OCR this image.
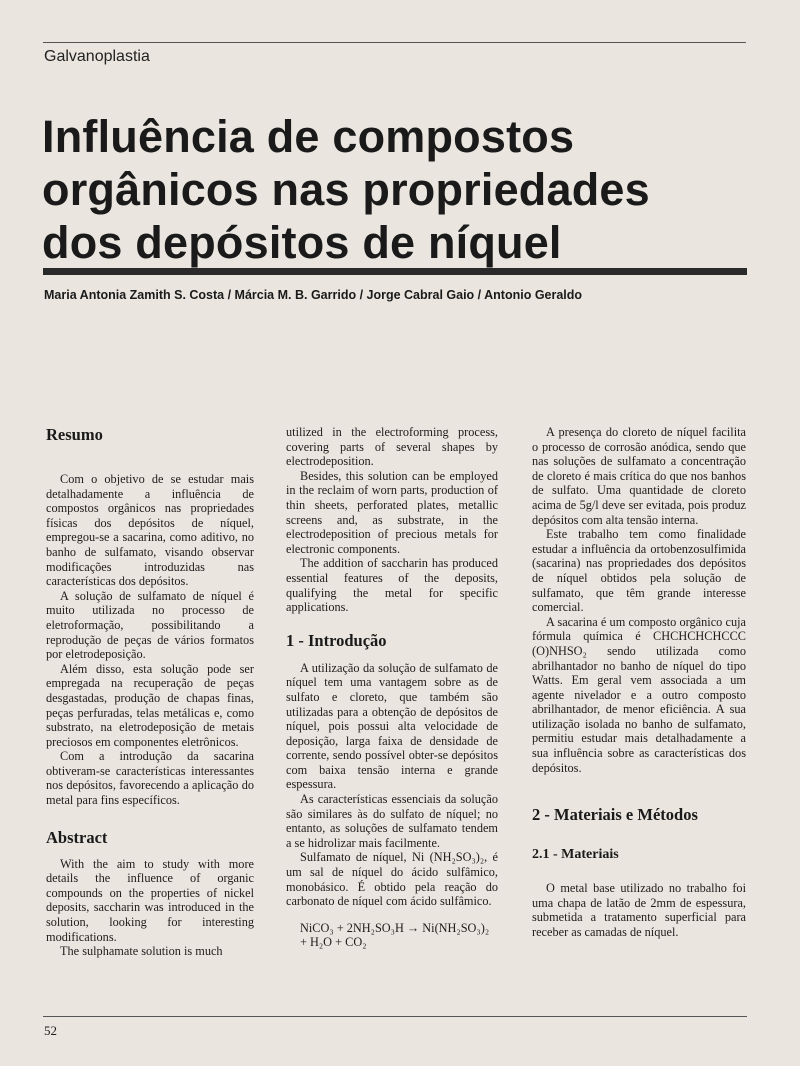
Galvanoplastia
Influência de compostos
orgânicos nas propriedades
dos depósitos de níquel
Maria Antonia Zamith S. Costa / Márcia M. B. Garrido / Jorge Cabral Gaio / Antonio Geraldo
Resumo

Com o objetivo de se estudar mais detalhadamente a influência de compostos orgânicos nas propriedades físicas dos depósitos de níquel, empregou-se a sacarina, como aditivo, no banho de sulfamato, visando observar modificações introduzidas nas características dos depósitos.

A solução de sulfamato de níquel é muito utilizada no processo de eletroformação, possibilitando a reprodução de peças de vários formatos por eletrodeposição.

Além disso, esta solução pode ser empregada na recuperação de peças desgastadas, produção de chapas finas, peças perfuradas, telas metálicas e, como substrato, na eletrodeposição de metais preciosos em componentes eletrônicos.

Com a introdução da sacarina obtiveram-se características interessantes nos depósitos, favorecendo a aplicação do metal para fins específicos.

Abstract

With the aim to study with more details the influence of organic compounds on the properties of nickel deposits, saccharin was introduced in the solution, looking for interesting modifications.

The sulphamate solution is much

utilized in the electroforming process, covering parts of several shapes by electrodeposition.

Besides, this solution can be employed in the reclaim of worn parts, production of thin sheets, perforated plates, metallic screens and, as substrate, in the electrodeposition of precious metals for electronic components.

The addition of saccharin has produced essential features of the deposits, qualifying the metal for specific applications.

1 - Introdução

A utilização da solução de sulfamato de níquel tem uma vantagem sobre as de sulfato e cloreto, que também são utilizadas para a obtenção de depósitos de níquel, pois possui alta velocidade de deposição, larga faixa de densidade de corrente, sendo possível obter-se depósitos com baixa tensão interna e grande espessura.

As características essenciais da solução são similares às do sulfato de níquel; no entanto, as soluções de sulfamato tendem a se hidrolizar mais facilmente.

Sulfamato de níquel, Ni (NH₂SO₃)₂, é um sal de níquel do ácido sulfâmico, monobásico. É obtido pela reação do carbonato de níquel com ácido sulfâmico.

NiCO₃ + 2NH₂SO₃H → Ni(NH₂SO₃)₂

+ H₂O + CO₂

A presença do cloreto de níquel facilita o processo de corrosão anódica, sendo que nas soluções de sulfamato a concentração de cloreto é mais crítica do que nos banhos de sulfato. Uma quantidade de cloreto acima de 5g/l deve ser evitada, pois produz depósitos com alta tensão interna.

Este trabalho tem como finalidade estudar a influência da ortobenzosulfimida (sacarina) nas propriedades dos depósitos de níquel obtidos pela solução de sulfamato, que têm grande interesse comercial.

A sacarina é um composto orgânico cuja fórmula química é CHCHCHCHCCC (O)NHSO₂ sendo utilizada como abrilhantador no banho de níquel do tipo Watts. Em geral vem associada a um agente nivelador e a outro composto abrilhantador, de menor eficiência. A sua utilização isolada no banho de sulfamato, permitiu estudar mais detalhadamente a sua influência sobre as características dos depósitos.

2 - Materiais e Métodos
2.1 - Materiais

O metal base utilizado no trabalho foi uma chapa de latão de 2mm de espessura, submetida a tratamento superficial para receber as camadas de níquel.

52
